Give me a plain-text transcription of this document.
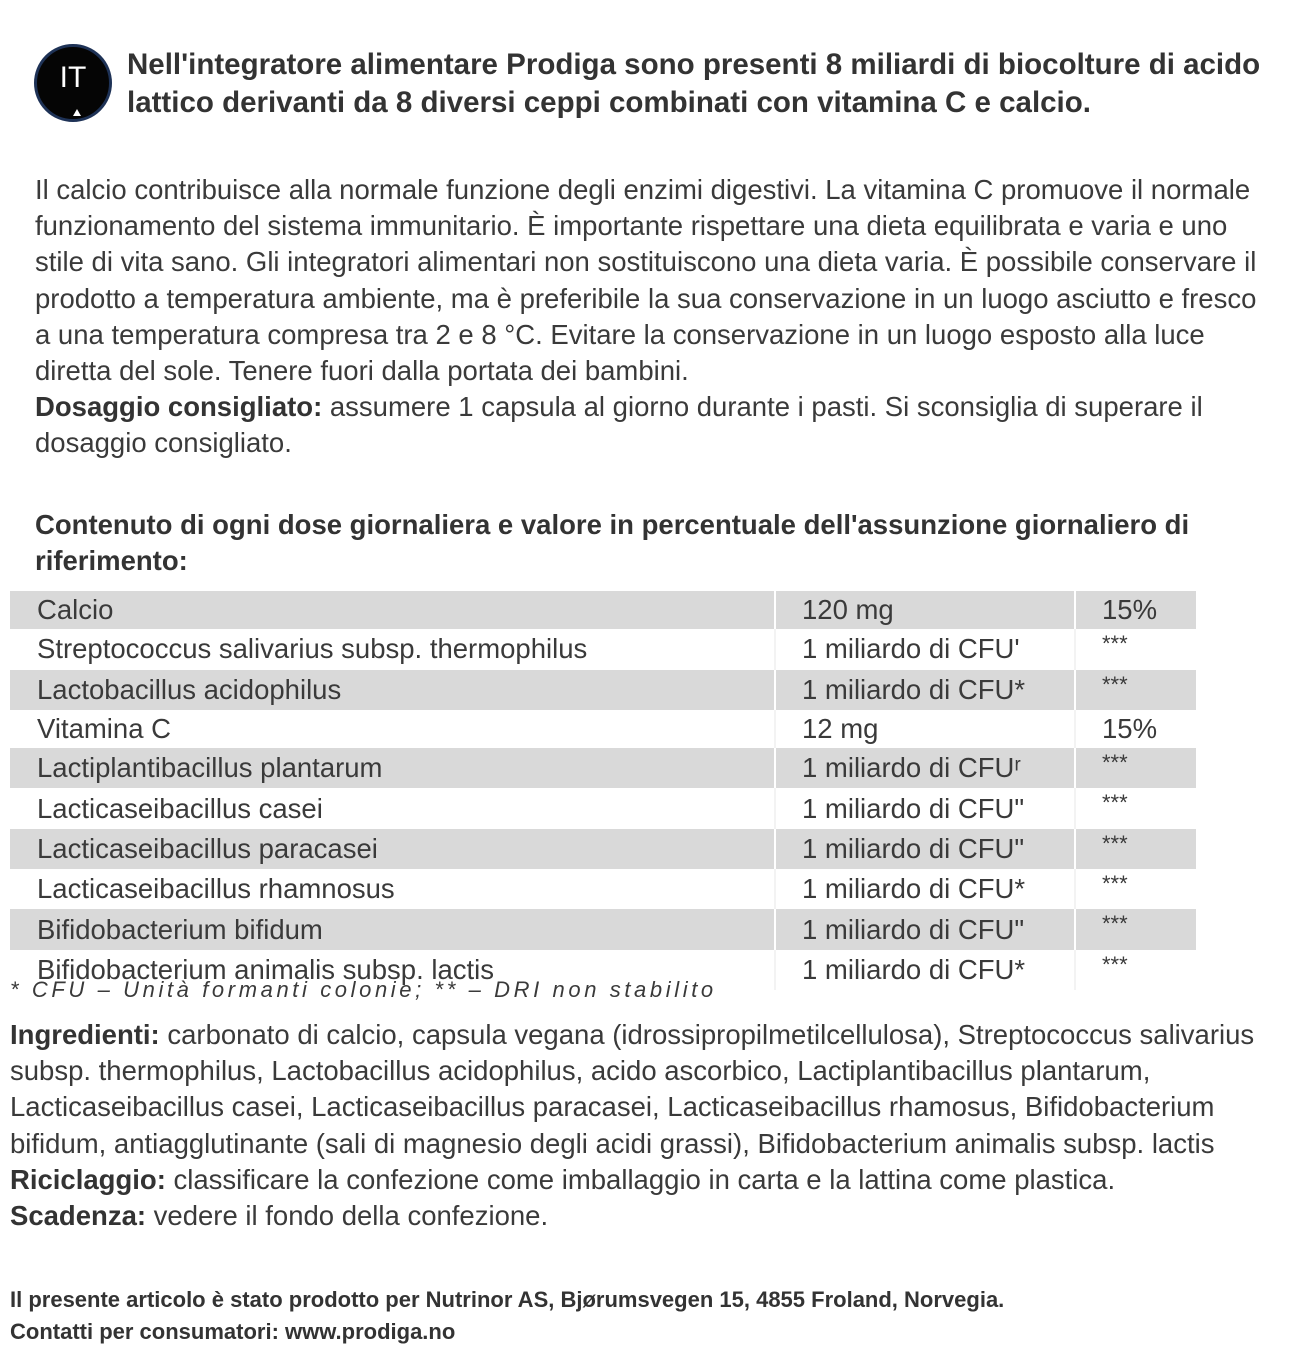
IT	Nell'integratore alimentare Prodiga sono presenti 8 miliardi di biocolture di acido lattico derivanti da 8 diversi ceppi combinati con vitamina C e calcio.
Il calcio contribuisce alla normale funzione degli enzimi digestivi. La vitamina C promuove il normale funzionamento del sistema immunitario. È importante rispettare una dieta equilibrata e varia e uno stile di vita sano. Gli integratori alimentari non sostituiscono una dieta varia. È possibile conservare il prodotto a temperatura ambiente, ma è preferibile la sua conservazione in un luogo asciutto e fresco a una temperatura compresa tra 2 e 8 °C. Evitare la conservazione in un luogo esposto alla luce diretta del sole. Tenere fuori dalla portata dei bambini.
Dosaggio consigliato: assumere 1 capsula al giorno durante i pasti. Si sconsiglia di superare il dosaggio consigliato.
Contenuto di ogni dose giornaliera e valore in percentuale dell'assunzione giornaliero di riferimento:
Calcio	120 mg	15%
Streptococcus salivarius subsp. thermophilus	1 miliardo di CFU'	***
Lactobacillus acidophilus	1 miliardo di CFU*	***
Vitamina C	12 mg	15%
Lactiplantibacillus plantarum	1 miliardo di CFUʳ	***
Lacticaseibacillus casei	1 miliardo di CFU"	***
Lacticaseibacillus paracasei	1 miliardo di CFU"	***
Lacticaseibacillus rhamnosus	1 miliardo di CFU*	***
Bifidobacterium bifidum	1 miliardo di CFU"	***
Bifidobacterium animalis subsp. lactis	1 miliardo di CFU*	***
* CFU – Unità formanti colonie; ** – DRI non stabilito
Ingredienti: carbonato di calcio, capsula vegana (idrossipropilmetilcellulosa), Streptococcus salivarius subsp. thermophilus, Lactobacillus acidophilus, acido ascorbico, Lactiplantibacillus plantarum, Lacticaseibacillus casei, Lacticaseibacillus paracasei, Lacticaseibacillus rhamosus, Bifidobacterium bifidum, antiagglutinante (sali di magnesio degli acidi grassi), Bifidobacterium animalis subsp. lactis
Riciclaggio: classificare la confezione come imballaggio in carta e la lattina come plastica.
Scadenza: vedere il fondo della confezione.
Il presente articolo è stato prodotto per Nutrinor AS, Bjørumsvegen 15, 4855 Froland, Norvegia.
Contatti per consumatori: www.prodiga.no
